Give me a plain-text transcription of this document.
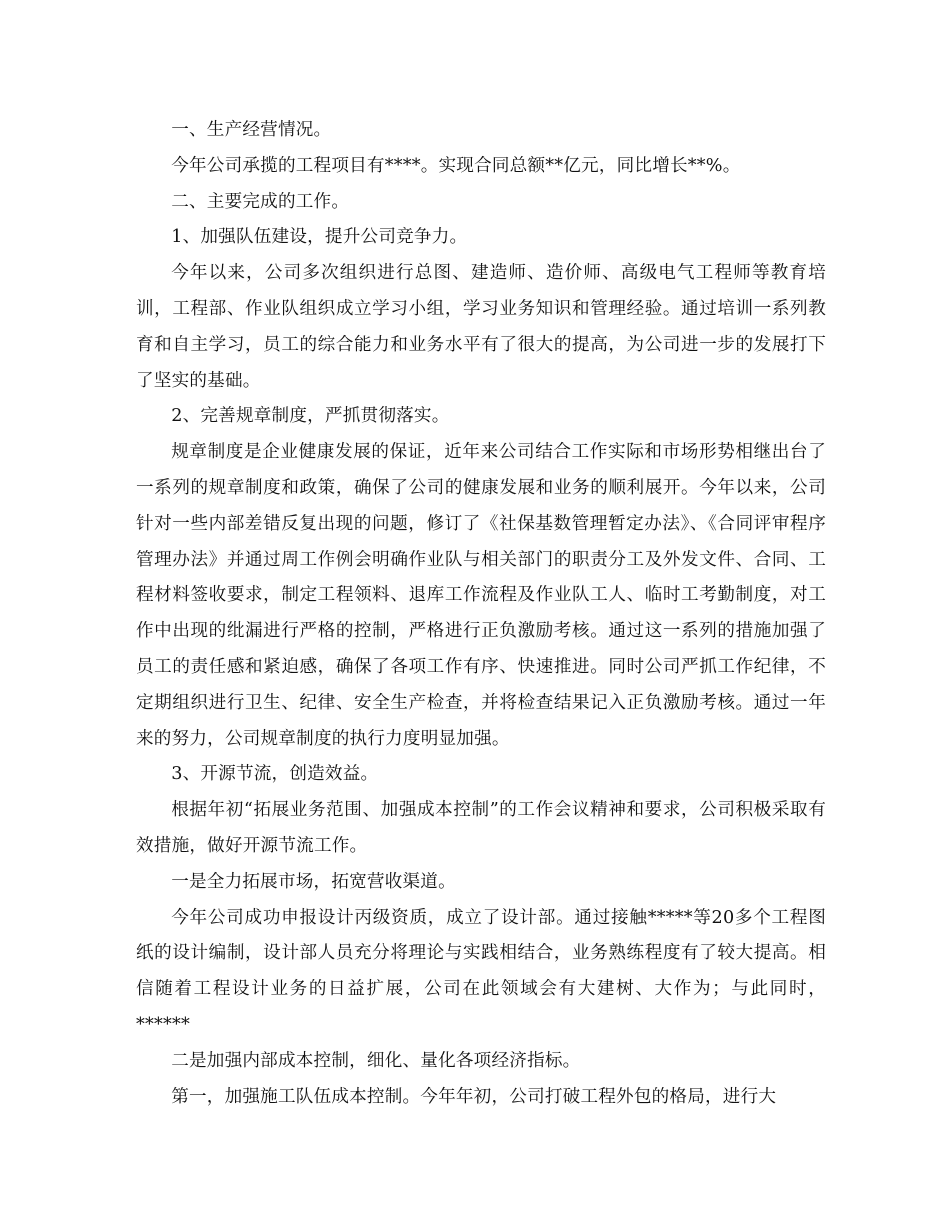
一、生产经营情况。

今年公司承揽的工程项目有****。实现合同总额**亿元，同比增长**%。

二、主要完成的工作。

1、加强队伍建设，提升公司竞争力。

今年以来，公司多次组织进行总图、建造师、造价师、高级电气工程师等教育培训，工程部、作业队组织成立学习小组，学习业务知识和管理经验。通过培训一系列教育和自主学习，员工的综合能力和业务水平有了很大的提高，为公司进一步的发展打下了坚实的基础。

2、完善规章制度，严抓贯彻落实。

规章制度是企业健康发展的保证，近年来公司结合工作实际和市场形势相继出台了一系列的规章制度和政策，确保了公司的健康发展和业务的顺利展开。今年以来，公司针对一些内部差错反复出现的问题，修订了《社保基数管理暂定办法》、《合同评审程序管理办法》并通过周工作例会明确作业队与相关部门的职责分工及外发文件、合同、工程材料签收要求，制定工程领料、退库工作流程及作业队工人、临时工考勤制度，对工作中出现的纰漏进行严格的控制，严格进行正负激励考核。通过这一系列的措施加强了员工的责任感和紧迫感，确保了各项工作有序、快速推进。同时公司严抓工作纪律，不定期组织进行卫生、纪律、安全生产检查，并将检查结果记入正负激励考核。通过一年来的努力，公司规章制度的执行力度明显加强。

3、开源节流，创造效益。

根据年初“拓展业务范围、加强成本控制”的工作会议精神和要求，公司积极采取有效措施，做好开源节流工作。

一是全力拓展市场，拓宽营收渠道。

今年公司成功申报设计丙级资质，成立了设计部。通过接触*****等20多个工程图纸的设计编制，设计部人员充分将理论与实践相结合，业务熟练程度有了较大提高。相信随着工程设计业务的日益扩展，公司在此领域会有大建树、大作为；与此同时，******

二是加强内部成本控制，细化、量化各项经济指标。

第一，加强施工队伍成本控制。今年年初，公司打破工程外包的格局，进行大
